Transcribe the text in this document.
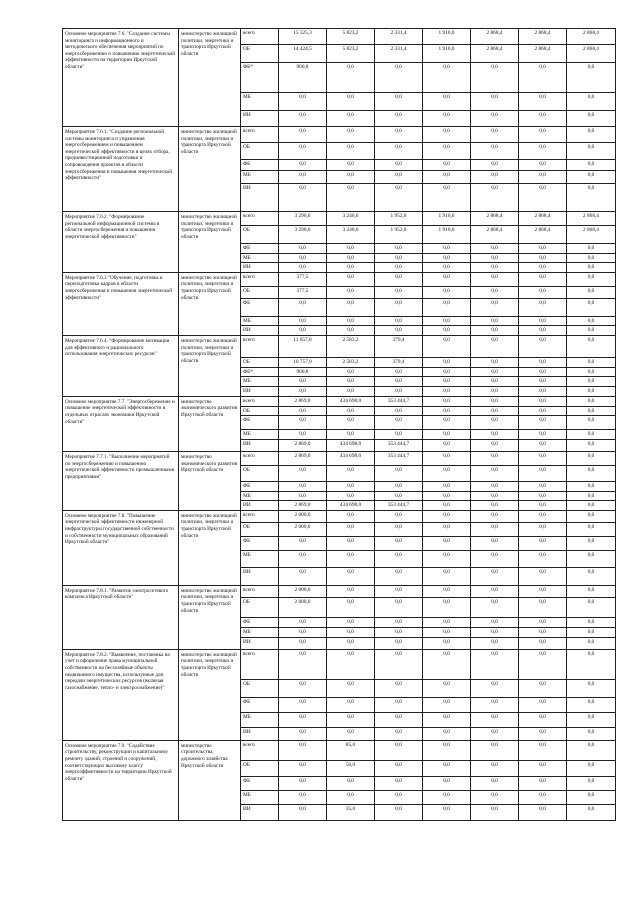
Основное мероприятие 7.6. "Создание системы мониторинга и информационного и методического обеспечения мероприятий по энергосбережению и повышению энергетической эффективности на территории Иркутской области"	министерство жилищной политики, энергетики и транспорта Иркутской области	всего	15 325,3	5 823,2	2 331,4	1 910,0	2 868,4	2 868,4	2 868,4
		ОБ	14 424,5	5 823,2	2 331,4	1 910,0	2 868,4	2 868,4	2 868,4
		ФБ*	900,8	0,0	0,0	0,0	0,0	0,0	0,0
		МБ	0,0	0,0	0,0	0,0	0,0	0,0	0,0
		ИИ	0,0	0,0	0,0	0,0	0,0	0,0	0,0
Мероприятие 7.6.1. "Создание региональной системы мониторинга и управления энергосбережением и повышением энергетической эффективности в целях отбора, прединвестиционной подготовки и сопровождения проектов в области энергосбережения и повышения энергетической эффективности"	министерство жилищной политики, энергетики и транспорта Иркутской области	всего	0,0	0,0	0,0	0,0	0,0	0,0	0,0
		ОБ	0,0	0,0	0,0	0,0	0,0	0,0	0,0
		ФБ	0,0	0,0	0,0	0,0	0,0	0,0	0,0
		МБ	0,0	0,0	0,0	0,0	0,0	0,0	0,0
		ИИ	0,0	0,0	0,0	0,0	0,0	0,0	0,0
Мероприятие 7.6.2. "Формирование региональной информационной системы в области энергосбережения и повышения энергетической эффективности"	министерство жилищной политики, энергетики и транспорта Иркутской области	всего	3 290,0	3 240,0	1 952,0	1 910,0	2 868,4	2 868,4	2 868,4
		ОБ	3 290,0	3 240,0	1 952,0	1 910,0	2 868,4	2 868,4	2 868,4
		ФБ	0,0	0,0	0,0	0,0	0,0	0,0	0,0
		МБ	0,0	0,0	0,0	0,0	0,0	0,0	0,0
		ИИ	0,0	0,0	0,0	0,0	0,0	0,0	0,0
Мероприятие 7.6.3 "Обучение, подготовка и переподготовка кадров в области энергосбережения и повышения энергетической эффективности"	министерство жилищной политики, энергетики и транспорта Иркутской области	всего	377,5	0,0	0,0	0,0	0,0	0,0	0,0
		ОБ	377,5	0,0	0,0	0,0	0,0	0,0	0,0
		ФБ	0,0	0,0	0,0	0,0	0,0	0,0	0,0
		МБ	0,0	0,0	0,0	0,0	0,0	0,0	0,0
		ИИ	0,0	0,0	0,0	0,0	0,0	0,0	0,0
Мероприятие 7.6.4. "Формирование мотивации для эффективного и рационального использования энергетических ресурсов"	министерство жилищной политики, энергетики и транспорта Иркутской области	всего	11 657,8	2 583,2	379,4	0,0	0,0	0,0	0,0
		ОБ	10 757,0	2 583,2	379,4	0,0	0,0	0,0	0,0
		ФБ*	900,8	0,0	0,0	0,0	0,0	0,0	0,0
		МБ	0,0	0,0	0,0	0,0	0,0	0,0	0,0
		ИИ	0,0	0,0	0,0	0,0	0,0	0,0	0,0
Основное мероприятие 7.7. "Энергосбережение и повышение энергетической эффективности в отдельных отраслях экономики Иркутской области"	министерство экономического развития Иркутской области	всего	2 869,0	434 698,0	353 444,7	0,0	0,0	0,0	0,0
		ОБ	0,0	0,0	0,0	0,0	0,0	0,0	0,0
		ФБ	0,0	0,0	0,0	0,0	0,0	0,0	0,0
		МБ	0,0	0,0	0,0	0,0	0,0	0,0	0,0
		ИИ	2 869,0	434 698,0	353 444,7	0,0	0,0	0,0	0,0
Мероприятие 7.7.1. "Выполнение мероприятий по энергосбережению и повышению энергетической эффективности промышленными предприятиями"	министерство экономического развития Иркутской области	всего	2 869,0	434 698,0	353 444,7	0,0	0,0	0,0	0,0
		ОБ	0,0	0,0	0,0	0,0	0,0	0,0	0,0
		ФБ	0,0	0,0	0,0	0,0	0,0	0,0	0,0
		МБ	0,0	0,0	0,0	0,0	0,0	0,0	0,0
		ИИ	2 869,0	434 698,0	353 444,7	0,0	0,0	0,0	0,0
Основное мероприятие 7.8. "Повышение энергетической эффективности инженерной инфраструктуры государственной собственности и собственности муниципальных образований Иркутской области"	министерство жилищной политики, энергетики и транспорта Иркутской области	всего	2 000,0	0,0	0,0	0,0	0,0	0,0	0,0
		ОБ	2 000,0	0,0	0,0	0,0	0,0	0,0	0,0
		ФБ	0,0	0,0	0,0	0,0	0,0	0,0	0,0
		МБ	0,0	0,0	0,0	0,0	0,0	0,0	0,0
		ИИ	0,0	0,0	0,0	0,0	0,0	0,0	0,0
Мероприятие 7.8.1. "Развитие электросетевого комплекса Иркутской области"	министерство жилищной политики, энергетики и транспорта Иркутской области	всего	2 000,0	0,0	0,0	0,0	0,0	0,0	0,0
		ОБ	2 000,0	0,0	0,0	0,0	0,0	0,0	0,0
		ФБ	0,0	0,0	0,0	0,0	0,0	0,0	0,0
		МБ	0,0	0,0	0,0	0,0	0,0	0,0	0,0
		ИИ	0,0	0,0	0,0	0,0	0,0	0,0	0,0
Мероприятие 7.8.2. "Выявление, постановка на учет и оформление права муниципальной собственности на бесхозяйные объекты недвижимого имущества, используемые для передачи энергетических ресурсов (включая газоснабжение, тепло- и электроснабжение)"	министерство жилищной политики, энергетики и транспорта Иркутской области	всего	0,0	0,0	0,0	0,0	0,0	0,0	0,0
		ОБ	0,0	0,0	0,0	0,0	0,0	0,0	0,0
		ФБ	0,0	0,0	0,0	0,0	0,0	0,0	0,0
		МБ	0,0	0,0	0,0	0,0	0,0	0,0	0,0
		ИИ	0,0	0,0	0,0	0,0	0,0	0,0	0,0
Основное мероприятие 7.9. "Содействие строительству, реконструкции и капитальному ремонту зданий, строений и сооружений, соответствующих высокому классу энергоэффективности на территории Иркутской области"	министерство строительства, дорожного хозяйства Иркутской области	всего	0,0	85,0	0,0	0,0	0,0	0,0	0,0
		ОБ	0,0	50,0	0,0	0,0	0,0	0,0	0,0
		ФБ	0,0	0,0	0,0	0,0	0,0	0,0	0,0
		МБ	0,0	0,0	0,0	0,0	0,0	0,0	0,0
		ИИ	0,0	35,0	0,0	0,0	0,0	0,0	0,0
